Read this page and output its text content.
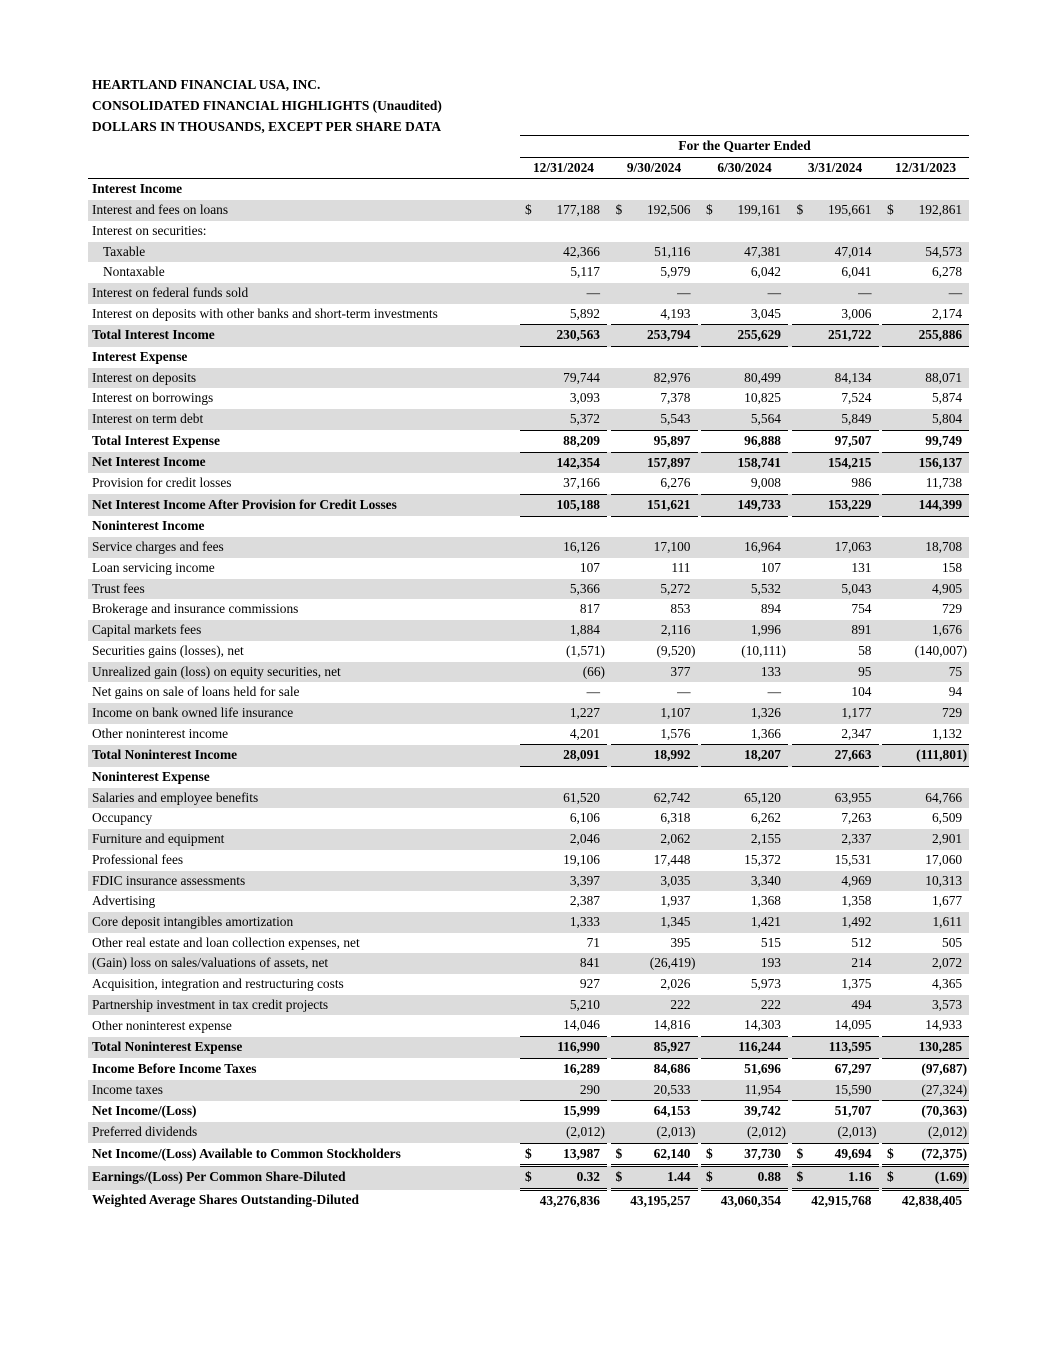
HEARTLAND FINANCIAL USA, INC.
CONSOLIDATED FINANCIAL HIGHLIGHTS (Unaudited)
DOLLARS IN THOUSANDS, EXCEPT PER SHARE DATA
	For the Quarter Ended								
	12/31/2024		9/30/2024		6/30/2024		3/31/2024		12/31/2023
Interest Income									
Interest and fees on loans	$ 177,188		$ 192,506		$ 199,161		$ 195,661		$ 192,861

Interest on securities:									
Taxable	42,366		51,116		47,381		47,014		54,573

Nontaxable	5,117		5,979		6,042		6,041		6,278

Interest on federal funds sold	—		—		—		—		—

Interest on deposits with other banks and short-term investments	5,892		4,193		3,045		3,006		2,174

Total Interest Income	230,563		253,794		255,629		251,722		255,886

Interest Expense									
Interest on deposits	79,744		82,976		80,499		84,134		88,071

Interest on borrowings	3,093		7,378		10,825		7,524		5,874

Interest on term debt	5,372		5,543		5,564		5,849		5,804

Total Interest Expense	88,209		95,897		96,888		97,507		99,749

Net Interest Income	142,354		157,897		158,741		154,215		156,137

Provision for credit losses	37,166		6,276		9,008		986		11,738

Net Interest Income After Provision for Credit Losses	105,188		151,621		149,733		153,229		144,399

Noninterest Income									
Service charges and fees	16,126		17,100		16,964		17,063		18,708

Loan servicing income	107		111		107		131		158

Trust fees	5,366		5,272		5,532		5,043		4,905

Brokerage and insurance commissions	817		853		894		754		729

Capital markets fees	1,884		2,116		1,996		891		1,676

Securities gains (losses), net	(1,571)		(9,520)		(10,111)		58		(140,007)

Unrealized gain (loss) on equity securities, net	(66)		377		133		95		75

Net gains on sale of loans held for sale	—		—		—		104		94

Income on bank owned life insurance	1,227		1,107		1,326		1,177		729

Other noninterest income	4,201		1,576		1,366		2,347		1,132

Total Noninterest Income	28,091		18,992		18,207		27,663		(111,801)

Noninterest Expense									
Salaries and employee benefits	61,520		62,742		65,120		63,955		64,766

Occupancy	6,106		6,318		6,262		7,263		6,509

Furniture and equipment	2,046		2,062		2,155		2,337		2,901

Professional fees	19,106		17,448		15,372		15,531		17,060

FDIC insurance assessments	3,397		3,035		3,340		4,969		10,313

Advertising	2,387		1,937		1,368		1,358		1,677

Core deposit intangibles amortization	1,333		1,345		1,421		1,492		1,611

Other real estate and loan collection expenses, net	71		395		515		512		505

(Gain) loss on sales/valuations of assets, net	841		(26,419)		193		214		2,072

Acquisition, integration and restructuring costs	927		2,026		5,973		1,375		4,365

Partnership investment in tax credit projects	5,210		222		222		494		3,573

Other noninterest expense	14,046		14,816		14,303		14,095		14,933

Total Noninterest Expense	116,990		85,927		116,244		113,595		130,285

Income Before Income Taxes	16,289		84,686		51,696		67,297		(97,687)

Income taxes	290		20,533		11,954		15,590		(27,324)

Net Income/(Loss)	15,999		64,153		39,742		51,707		(70,363)

Preferred dividends	(2,012)		(2,013)		(2,012)		(2,013)		(2,012)

Net Income/(Loss) Available to Common Stockholders	$ 13,987		$ 62,140		$ 37,730		$ 49,694		$ (72,375)

Earnings/(Loss) Per Common Share-Diluted	$ 0.32		$ 1.44		$ 0.88		$ 1.16		$ (1.69)

Weighted Average Shares Outstanding-Diluted	43,276,836		43,195,257		43,060,354		42,915,768		42,838,405
